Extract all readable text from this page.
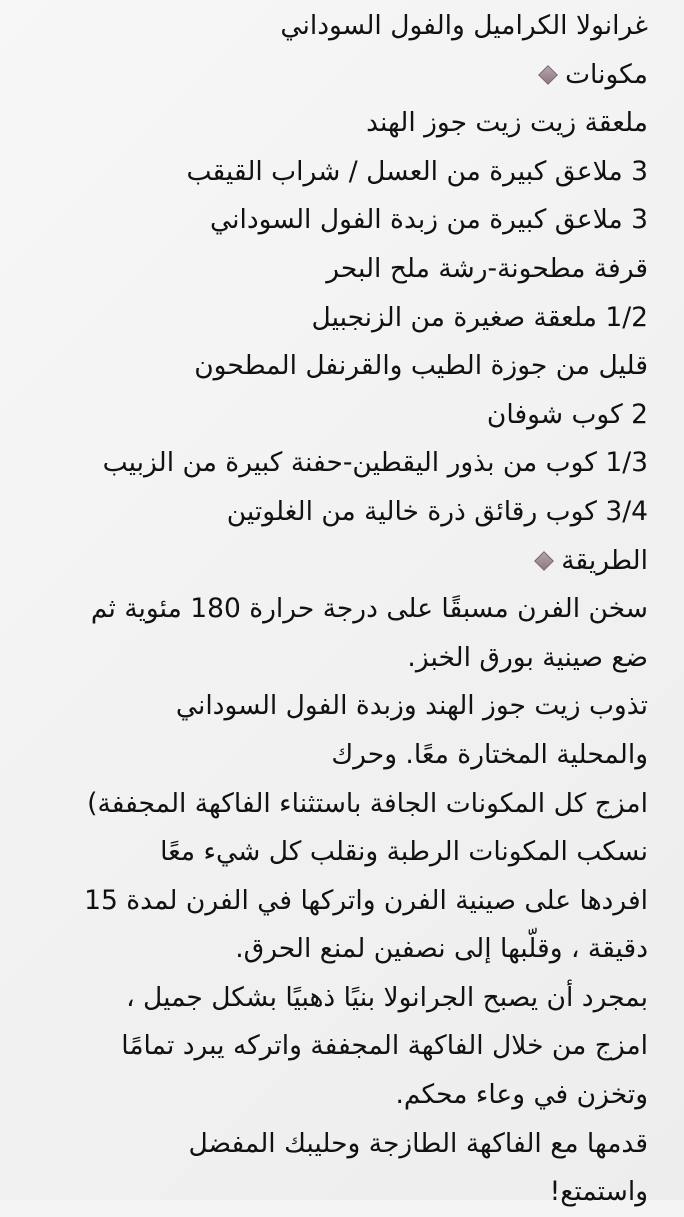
غرانولا الكراميل والفول السوداني
مكونات
ملعقة زيت زيت جوز الهند
3 ملاعق كبيرة من العسل / شراب القيقب
3 ملاعق كبيرة من زبدة الفول السوداني
قرفة مطحونة-رشة ملح البحر
1/2 ملعقة صغيرة من الزنجبيل
قليل من جوزة الطيب والقرنفل المطحون
2 كوب شوفان
1/3 كوب من بذور اليقطين-حفنة كبيرة من الزبيب
3/4 كوب رقائق ذرة خالية من الغلوتين
الطريقة
سخن الفرن مسبقًا على درجة حرارة 180 مئوية ثم
ضع صينية بورق الخبز.
تذوب زيت جوز الهند وزبدة الفول السوداني
والمحلية المختارة معًا. وحرك
امزج كل المكونات الجافة باستثناء الفاكهة المجففة)
نسكب المكونات الرطبة ونقلب كل شيء معًا
افردها على صينية الفرن واتركها في الفرن لمدة 15
دقيقة ، وقلّبها إلى نصفين لمنع الحرق.
بمجرد أن يصبح الجرانولا بنيًا ذهبيًا بشكل جميل ،
امزج من خلال الفاكهة المجففة واتركه يبرد تمامًا
وتخزن في وعاء محكم.
قدمها مع الفاكهة الطازجة وحليبك المفضل
واستمتع!
